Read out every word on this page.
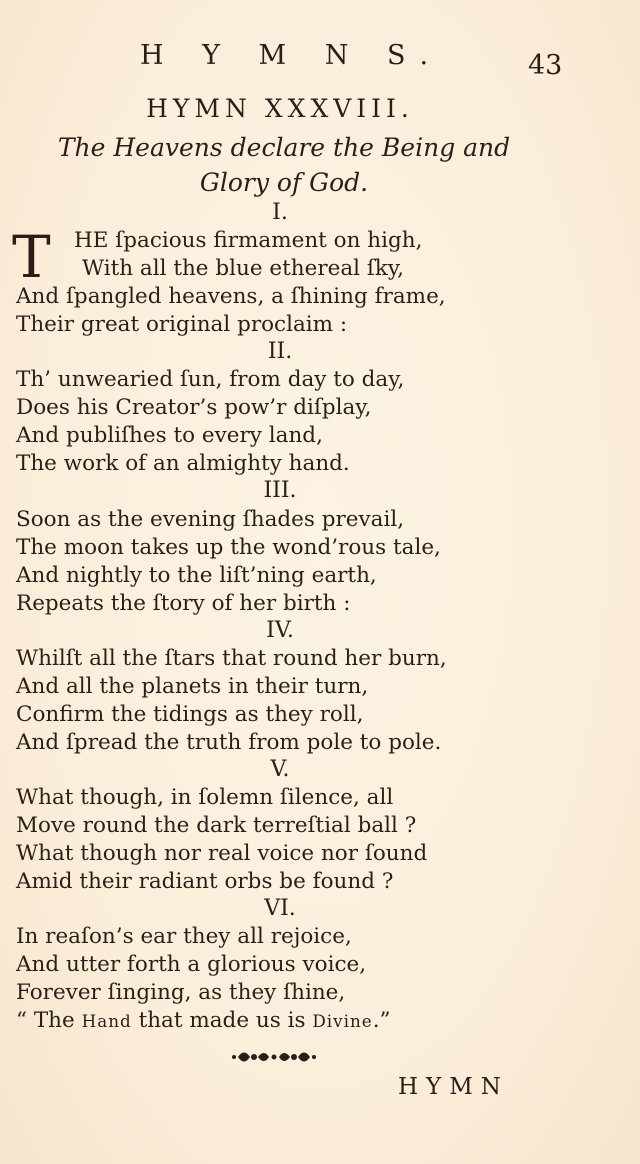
H Y M N S.	43
HYMN XXXVIII.
The Heavens declare the Being and
Glory of God.
I.
T HE ſpacious firmament on high,
With all the blue ethereal ſky,
And ſpangled heavens, a ſhining frame,
Their great original proclaim :
II.
Th’ unwearied ſun, from day to day,
Does his Creator’s pow’r diſplay,
And publiſhes to every land,
The work of an almighty hand.
III.
Soon as the evening ſhades prevail,
The moon takes up the wond’rous tale,
And nightly to the liſt’ning earth,
Repeats the ſtory of her birth :
IV.
Whilſt all the ſtars that round her burn,
And all the planets in their turn,
Confirm the tidings as they roll,
And ſpread the truth from pole to pole.
V.
What though, in ſolemn ſilence, all
Move round the dark terreſtial ball ?
What though nor real voice nor ſound
Amid their radiant orbs be found ?
VI.
In reaſon’s ear they all rejoice,
And utter forth a glorious voice,
Forever ſinging, as they ſhine,
“ The Hand that made us is Divine.”
HYMN
